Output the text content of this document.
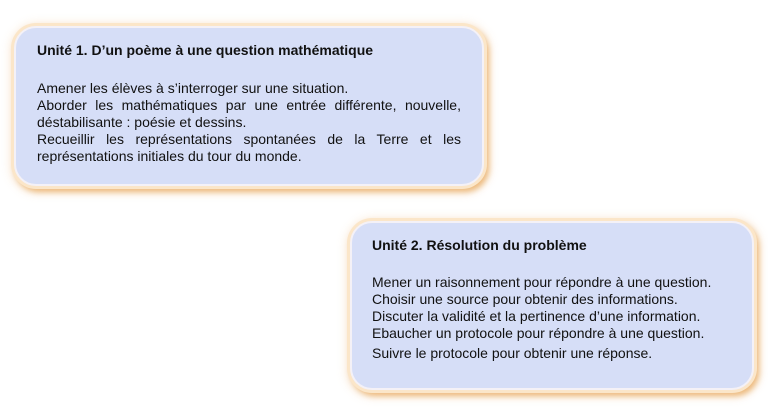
Unité 1. D’un poème à une question mathématique
Amener les élèves à s’interroger sur une situation.
Aborder les mathématiques par une entrée différente, nouvelle, déstabilisante : poésie et dessins.
Recueillir les représentations spontanées de la Terre et les représentations initiales du tour du monde.
Unité 2. Résolution du problème
Mener un raisonnement pour répondre à une question.
Choisir une source pour obtenir des informations.
Discuter la validité et la pertinence d’une information.
Ebaucher un protocole pour répondre à une question.
Suivre le protocole pour obtenir une réponse.
